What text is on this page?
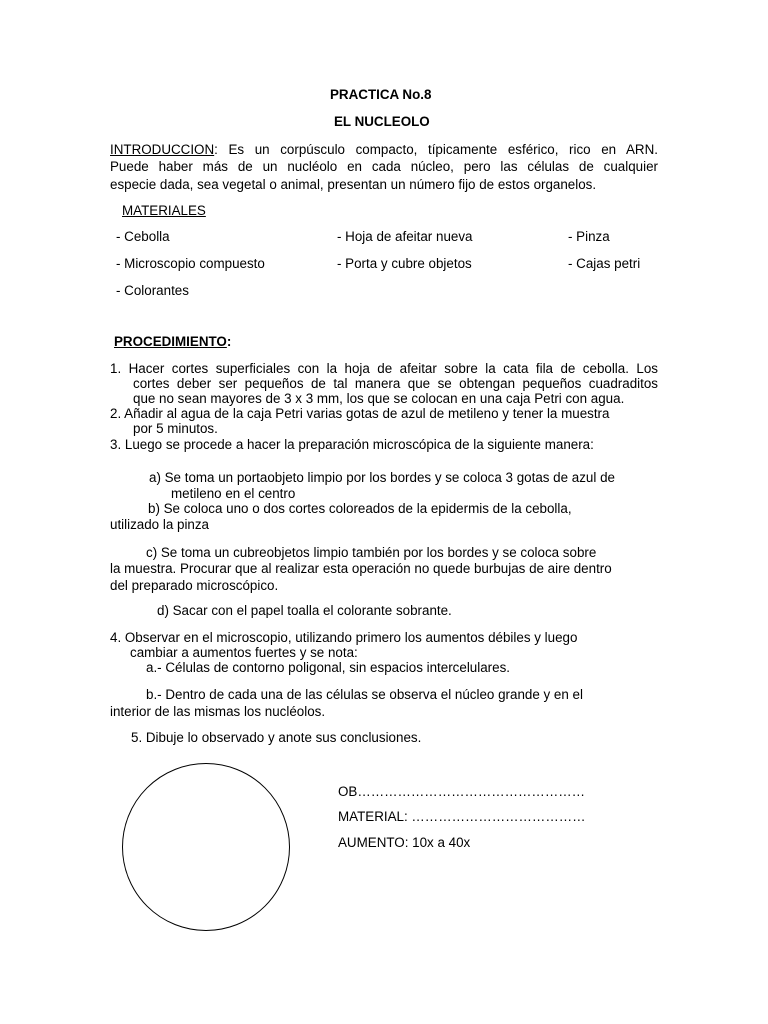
PRACTICA No.8
EL NUCLEOLO
INTRODUCCION: Es un corpúsculo compacto, típicamente esférico, rico en ARN.
Puede haber más de un nucléolo en cada núcleo, pero las células de cualquier
especie dada, sea vegetal o animal, presentan un número fijo de estos organelos.
MATERIALES
- Cebolla	- Hoja de afeitar nueva	- Pinza
- Microscopio compuesto	- Porta y cubre objetos	- Cajas petri
- Colorantes
PROCEDIMIENTO:
1. Hacer cortes superficiales con la hoja de afeitar sobre la cata fila de cebolla. Los
cortes deber ser pequeños de tal manera que se obtengan pequeños cuadraditos
que no sean mayores de 3 x 3 mm, los que se colocan en una caja Petri con agua.
2. Añadir al agua de la caja Petri varias gotas de azul de metileno y tener la muestra
por 5 minutos.
3. Luego se procede a hacer la preparación microscópica de la siguiente manera:
a) Se toma un portaobjeto limpio por los bordes y se coloca 3 gotas de azul de
metileno en el centro
b) Se coloca uno o dos cortes coloreados de la epidermis de la cebolla,
utilizado la pinza
c) Se toma un cubreobjetos limpio también por los bordes y se coloca sobre
la muestra. Procurar que al realizar esta operación no quede burbujas de aire dentro
del preparado microscópico.
d) Sacar con el papel toalla el colorante sobrante.
4. Observar en el microscopio, utilizando primero los aumentos débiles y luego
cambiar a aumentos fuertes y se nota:
a.- Células de contorno poligonal, sin espacios intercelulares.
b.- Dentro de cada una de las células se observa el núcleo grande y en el
interior de las mismas los nucléolos.
5. Dibuje lo observado y anote sus conclusiones.
OB……………………………………………
MATERIAL: …………………………………
AUMENTO: 10x a 40x
